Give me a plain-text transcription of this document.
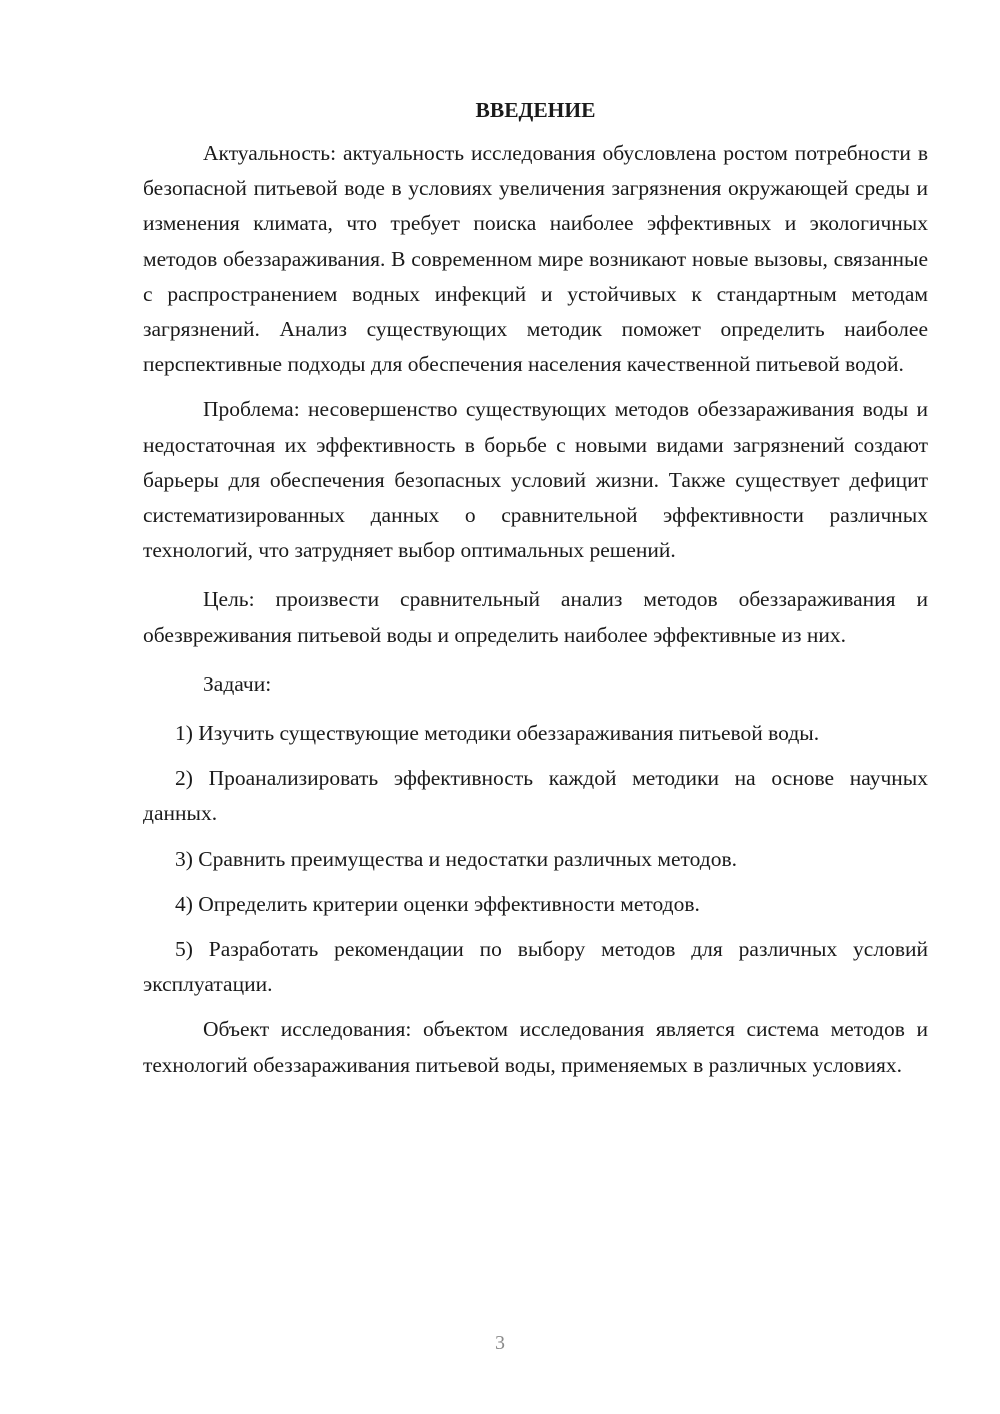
ВВЕДЕНИЕ

Актуальность: актуальность исследования обусловлена ростом потребности в безопасной питьевой воде в условиях увеличения загрязнения окружающей среды и изменения климата, что требует поиска наиболее эффективных и экологичных методов обеззараживания. В современном мире возникают новые вызовы, связанные с распространением водных инфекций и устойчивых к стандартным методам загрязнений. Анализ существующих методик поможет определить наиболее перспективные подходы для обеспечения населения качественной питьевой водой.

Проблема: несовершенство существующих методов обеззараживания воды и недостаточная их эффективность в борьбе с новыми видами загрязнений создают барьеры для обеспечения безопасных условий жизни. Также существует дефицит систематизированных данных о сравнительной эффективности различных технологий, что затрудняет выбор оптимальных решений.

Цель: произвести сравнительный анализ методов обеззараживания и обезвреживания питьевой воды и определить наиболее эффективные из них.

Задачи:

1) Изучить существующие методики обеззараживания питьевой воды.

2) Проанализировать эффективность каждой методики на основе научных данных.

3) Сравнить преимущества и недостатки различных методов.

4) Определить критерии оценки эффективности методов.

5) Разработать рекомендации по выбору методов для различных условий эксплуатации.

Объект исследования: объектом исследования является система методов и технологий обеззараживания питьевой воды, применяемых в различных условиях.

3
